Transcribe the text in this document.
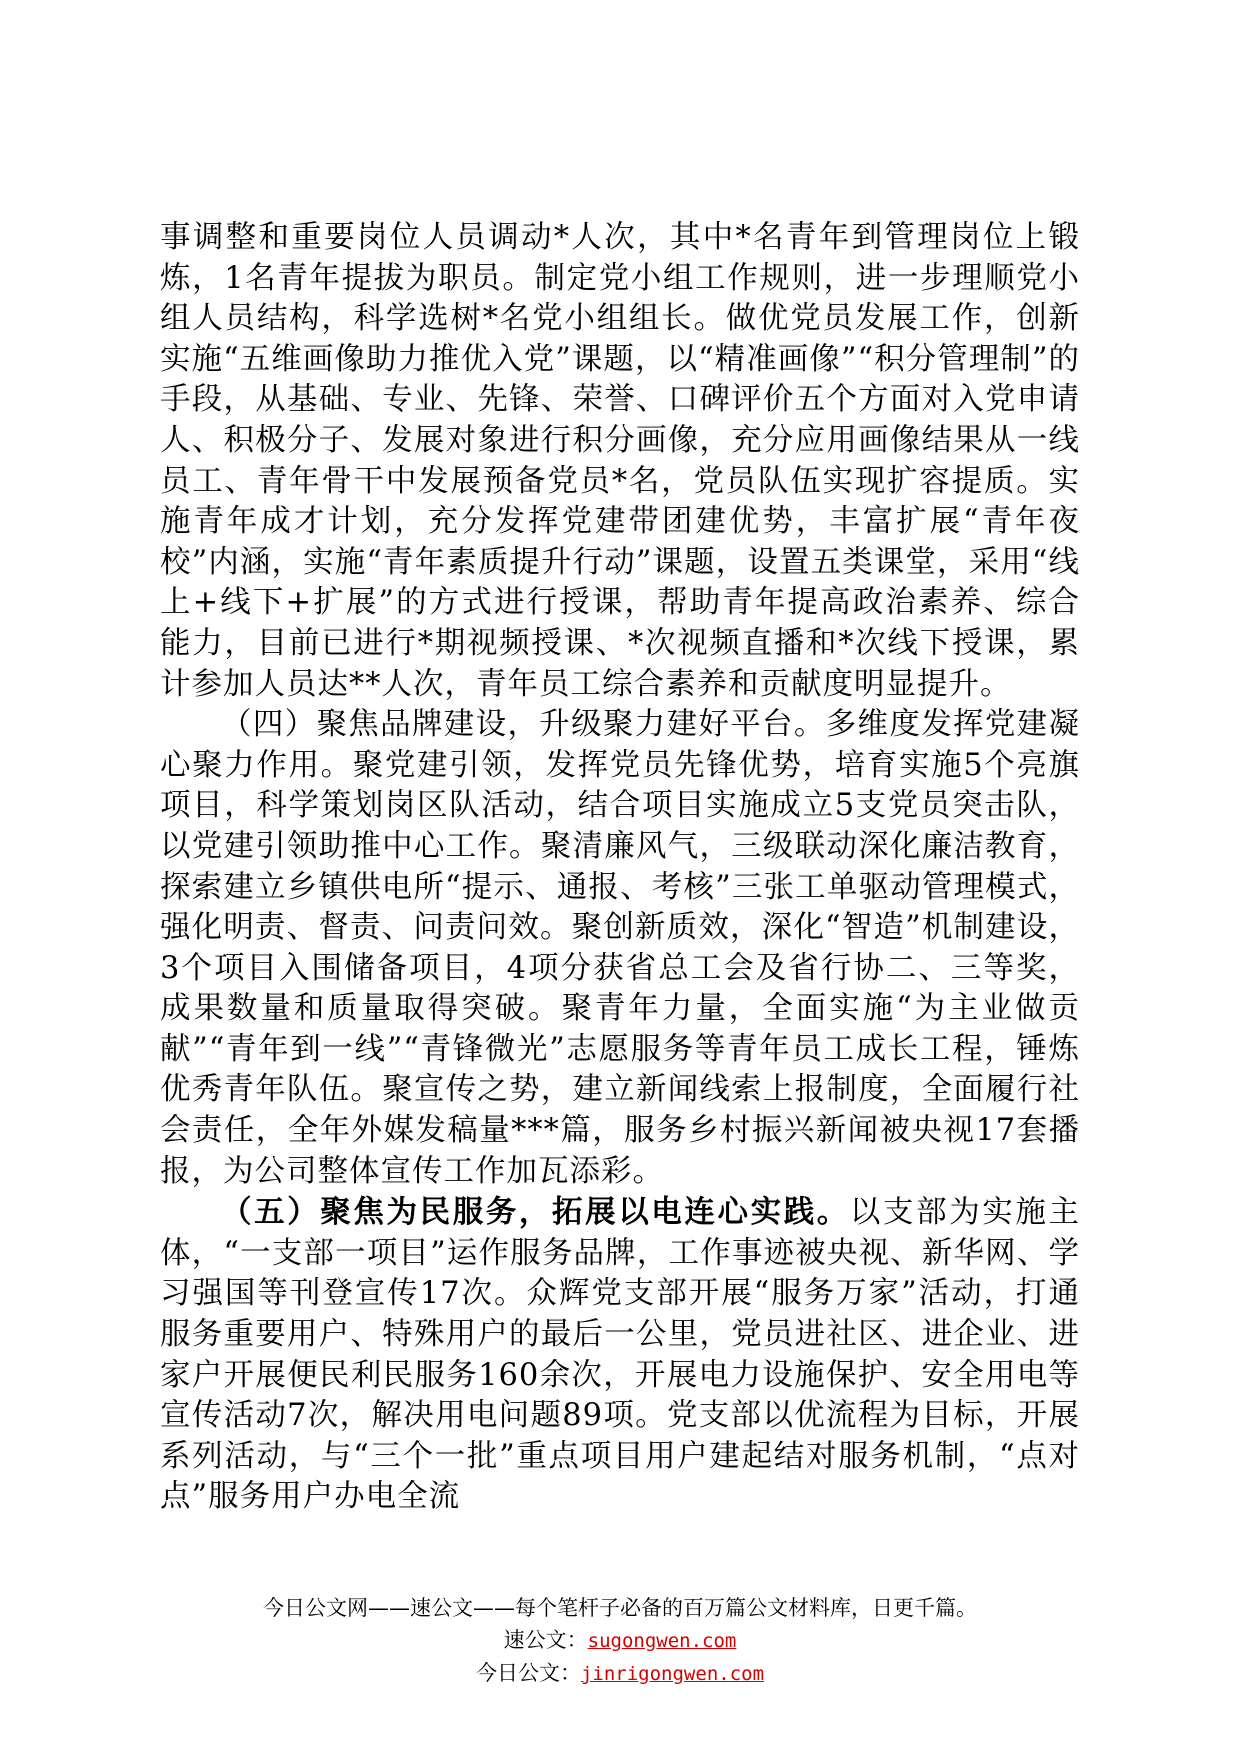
事调整和重要岗位人员调动*人次，其中*名青年到管理岗位上锻炼，1名青年提拔为职员。制定党小组工作规则，进一步理顺党小组人员结构，科学选树*名党小组组长。做优党员发展工作，创新实施“五维画像助力推优入党”课题，以“精准画像”“积分管理制”的手段，从基础、专业、先锋、荣誉、口碑评价五个方面对入党申请人、积极分子、发展对象进行积分画像，充分应用画像结果从一线员工、青年骨干中发展预备党员*名，党员队伍实现扩容提质。实施青年成才计划，充分发挥党建带团建优势，丰富扩展“青年夜校”内涵，实施“青年素质提升行动”课题，设置五类课堂，采用“线上+线下+扩展”的方式进行授课，帮助青年提高政治素养、综合能力，目前已进行*期视频授课、*次视频直播和*次线下授课，累计参加人员达**人次，青年员工综合素养和贡献度明显提升。

（四）聚焦品牌建设，升级聚力建好平台。多维度发挥党建凝心聚力作用。聚党建引领，发挥党员先锋优势，培育实施5个亮旗项目，科学策划岗区队活动，结合项目实施成立5支党员突击队，以党建引领助推中心工作。聚清廉风气，三级联动深化廉洁教育，探索建立乡镇供电所“提示、通报、考核”三张工单驱动管理模式，强化明责、督责、问责问效。聚创新质效，深化“智造”机制建设，3个项目入围储备项目，4项分获省总工会及省行协二、三等奖，成果数量和质量取得突破。聚青年力量，全面实施“为主业做贡献”“青年到一线”“青锋微光”志愿服务等青年员工成长工程，锤炼优秀青年队伍。聚宣传之势，建立新闻线索上报制度，全面履行社会责任，全年外媒发稿量***篇，服务乡村振兴新闻被央视17套播报，为公司整体宣传工作加瓦添彩。

（五）聚焦为民服务，拓展以电连心实践。以支部为实施主体，“一支部一项目”运作服务品牌，工作事迹被央视、新华网、学习强国等刊登宣传17次。众辉党支部开展“服务万家”活动，打通服务重要用户、特殊用户的最后一公里，党员进社区、进企业、进家户开展便民利民服务160余次，开展电力设施保护、安全用电等宣传活动7次，解决用电问题89项。党支部以优流程为目标，开展系列活动，与“三个一批”重点项目用户建起结对服务机制，“点对点”服务用户办电全流

今日公文网——速公文——每个笔杆子必备的百万篇公文材料库，日更千篇。
速公文：sugongwen.com
今日公文：jinrigongwen.com
